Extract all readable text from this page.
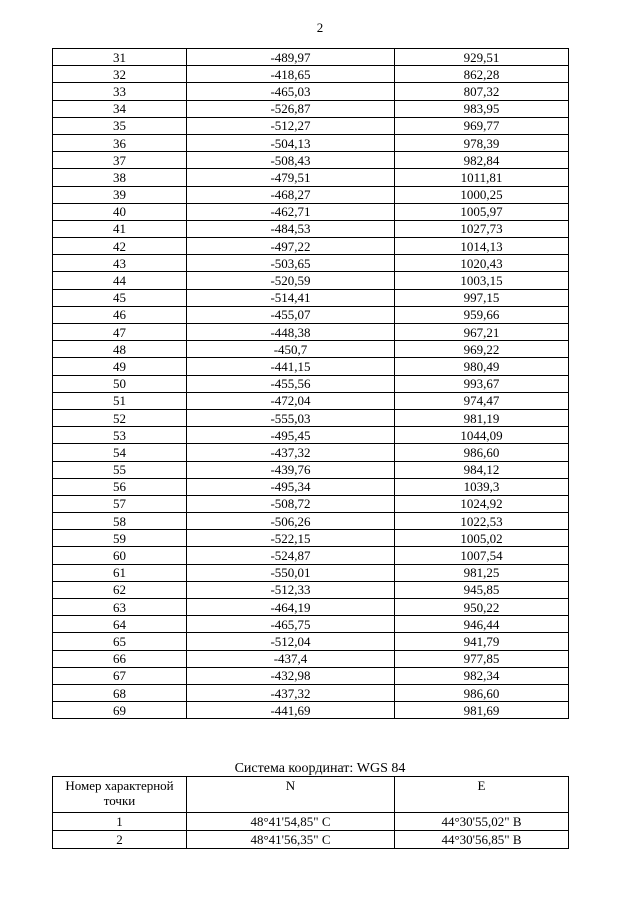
2
31	-489,97	929,51
32	-418,65	862,28
33	-465,03	807,32
34	-526,87	983,95
35	-512,27	969,77
36	-504,13	978,39
37	-508,43	982,84
38	-479,51	1011,81
39	-468,27	1000,25
40	-462,71	1005,97
41	-484,53	1027,73
42	-497,22	1014,13
43	-503,65	1020,43
44	-520,59	1003,15
45	-514,41	997,15
46	-455,07	959,66
47	-448,38	967,21
48	-450,7	969,22
49	-441,15	980,49
50	-455,56	993,67
51	-472,04	974,47
52	-555,03	981,19
53	-495,45	1044,09
54	-437,32	986,60
55	-439,76	984,12
56	-495,34	1039,3
57	-508,72	1024,92
58	-506,26	1022,53
59	-522,15	1005,02
60	-524,87	1007,54
61	-550,01	981,25
62	-512,33	945,85
63	-464,19	950,22
64	-465,75	946,44
65	-512,04	941,79
66	-437,4	977,85
67	-432,98	982,34
68	-437,32	986,60
69	-441,69	981,69
Система координат: WGS 84
Номер характерной точки	N	E
1	48°41'54,85" С	44°30'55,02" В
2	48°41'56,35" С	44°30'56,85" В
